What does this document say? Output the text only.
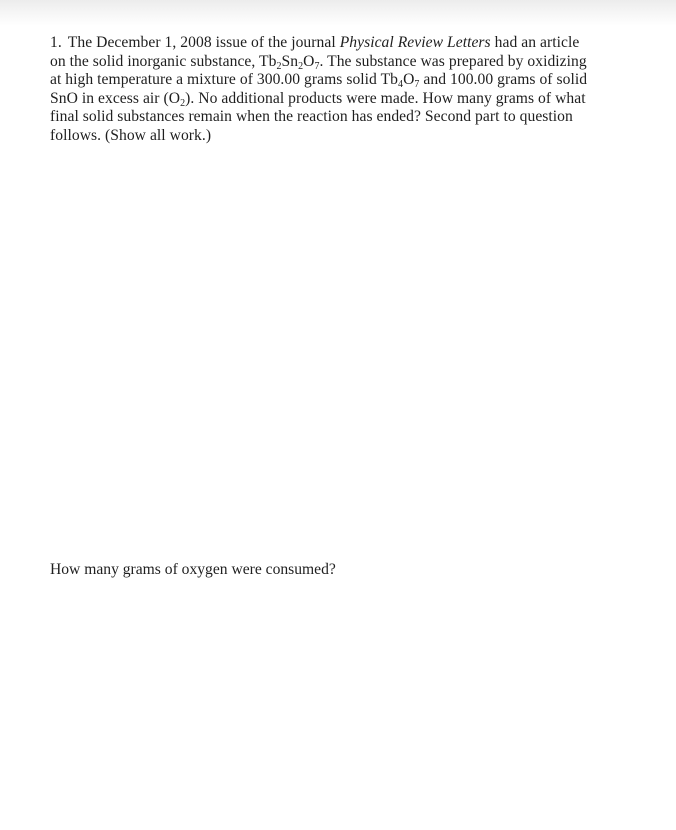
1. The December 1, 2008 issue of the journal Physical Review Letters had an article
on the solid inorganic substance, $Tb_2Sn_2O_7$. The substance was prepared by oxidizing
at high temperature a mixture of 300.00 grams solid $Tb_4O_7$ and 100.00 grams of solid
SnO in excess air $(O_2)$. No additional products were made. How many grams of what
final solid substances remain when the reaction has ended? Second part to question
follows. (Show all work.)
How many grams of oxygen were consumed?
